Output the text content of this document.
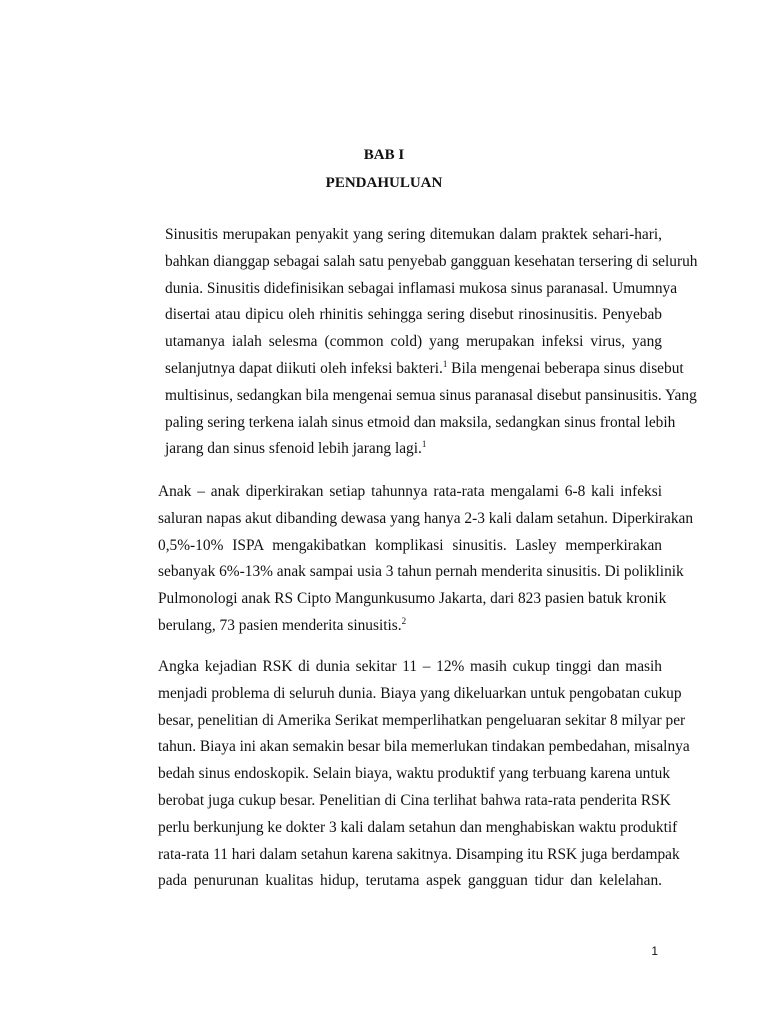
BAB I
PENDAHULUAN
Sinusitis merupakan penyakit yang sering ditemukan dalam praktek sehari-hari,
bahkan dianggap sebagai salah satu penyebab gangguan kesehatan tersering di seluruh
dunia. Sinusitis didefinisikan sebagai inflamasi mukosa sinus paranasal. Umumnya
disertai atau dipicu oleh rhinitis sehingga sering disebut rinosinusitis. Penyebab
utamanya ialah selesma (common cold) yang merupakan infeksi virus, yang
selanjutnya dapat diikuti oleh infeksi bakteri.$^1$ Bila mengenai beberapa sinus disebut
multisinus, sedangkan bila mengenai semua sinus paranasal disebut pansinusitis. Yang
paling sering terkena ialah sinus etmoid dan maksila, sedangkan sinus frontal lebih
jarang dan sinus sfenoid lebih jarang lagi.$^1$
Anak – anak diperkirakan setiap tahunnya rata-rata mengalami 6-8 kali infeksi
saluran napas akut dibanding dewasa yang hanya 2-3 kali dalam setahun. Diperkirakan
0,5%-10% ISPA mengakibatkan komplikasi sinusitis. Lasley memperkirakan
sebanyak 6%-13% anak sampai usia 3 tahun pernah menderita sinusitis. Di poliklinik
Pulmonologi anak RS Cipto Mangunkusumo Jakarta, dari 823 pasien batuk kronik
berulang, 73 pasien menderita sinusitis.$^2$
Angka kejadian RSK di dunia sekitar 11 – 12% masih cukup tinggi dan masih
menjadi problema di seluruh dunia. Biaya yang dikeluarkan untuk pengobatan cukup
besar, penelitian di Amerika Serikat memperlihatkan pengeluaran sekitar 8 milyar per
tahun. Biaya ini akan semakin besar bila memerlukan tindakan pembedahan, misalnya
bedah sinus endoskopik. Selain biaya, waktu produktif yang terbuang karena untuk
berobat juga cukup besar. Penelitian di Cina terlihat bahwa rata-rata penderita RSK
perlu berkunjung ke dokter 3 kali dalam setahun dan menghabiskan waktu produktif
rata-rata 11 hari dalam setahun karena sakitnya. Disamping itu RSK juga berdampak
pada penurunan kualitas hidup, terutama aspek gangguan tidur dan kelelahan.
1
